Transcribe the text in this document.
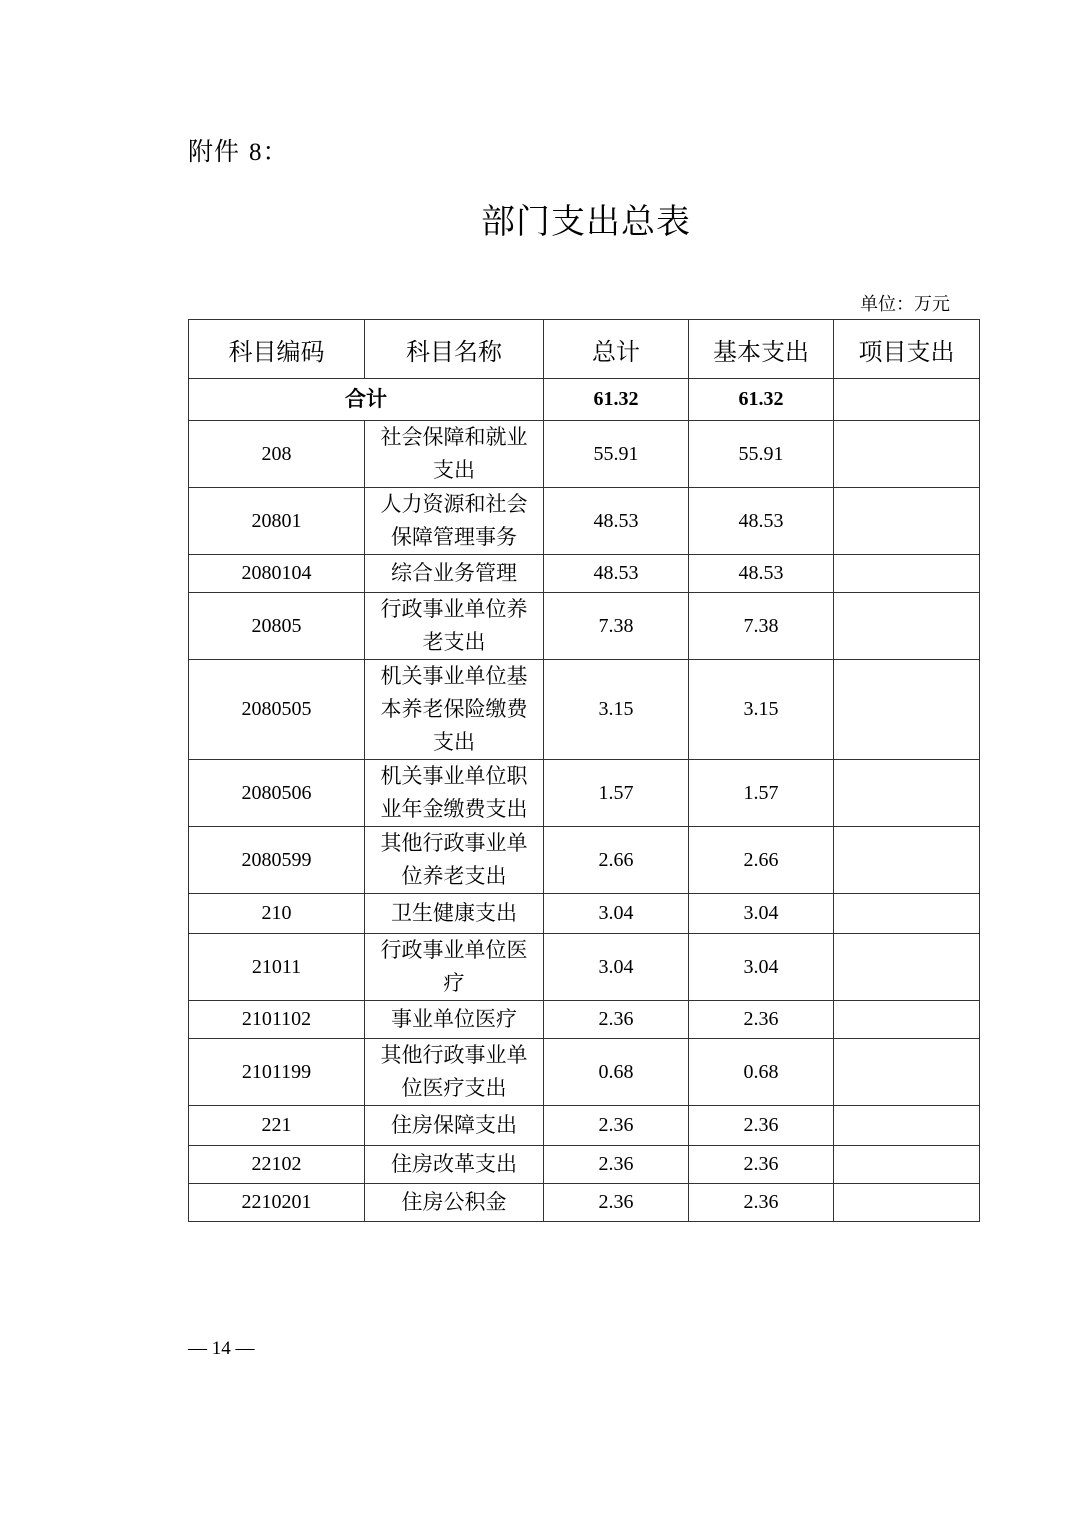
附件 8：
部门支出总表
单位：万元
科目编码	科目名称	总计	基本支出	项目支出
合计		61.32	61.32	
208	社会保障和就业支出	55.91	55.91	
20801	人力资源和社会保障管理事务	48.53	48.53	
2080104	综合业务管理	48.53	48.53	
20805	行政事业单位养老支出	7.38	7.38	
2080505	机关事业单位基本养老保险缴费支出	3.15	3.15	
2080506	机关事业单位职业年金缴费支出	1.57	1.57	
2080599	其他行政事业单位养老支出	2.66	2.66	
210	卫生健康支出	3.04	3.04	
21011	行政事业单位医疗	3.04	3.04	
2101102	事业单位医疗	2.36	2.36	
2101199	其他行政事业单位医疗支出	0.68	0.68	
221	住房保障支出	2.36	2.36	
22102	住房改革支出	2.36	2.36	
2210201	住房公积金	2.36	2.36	
— 14 —
